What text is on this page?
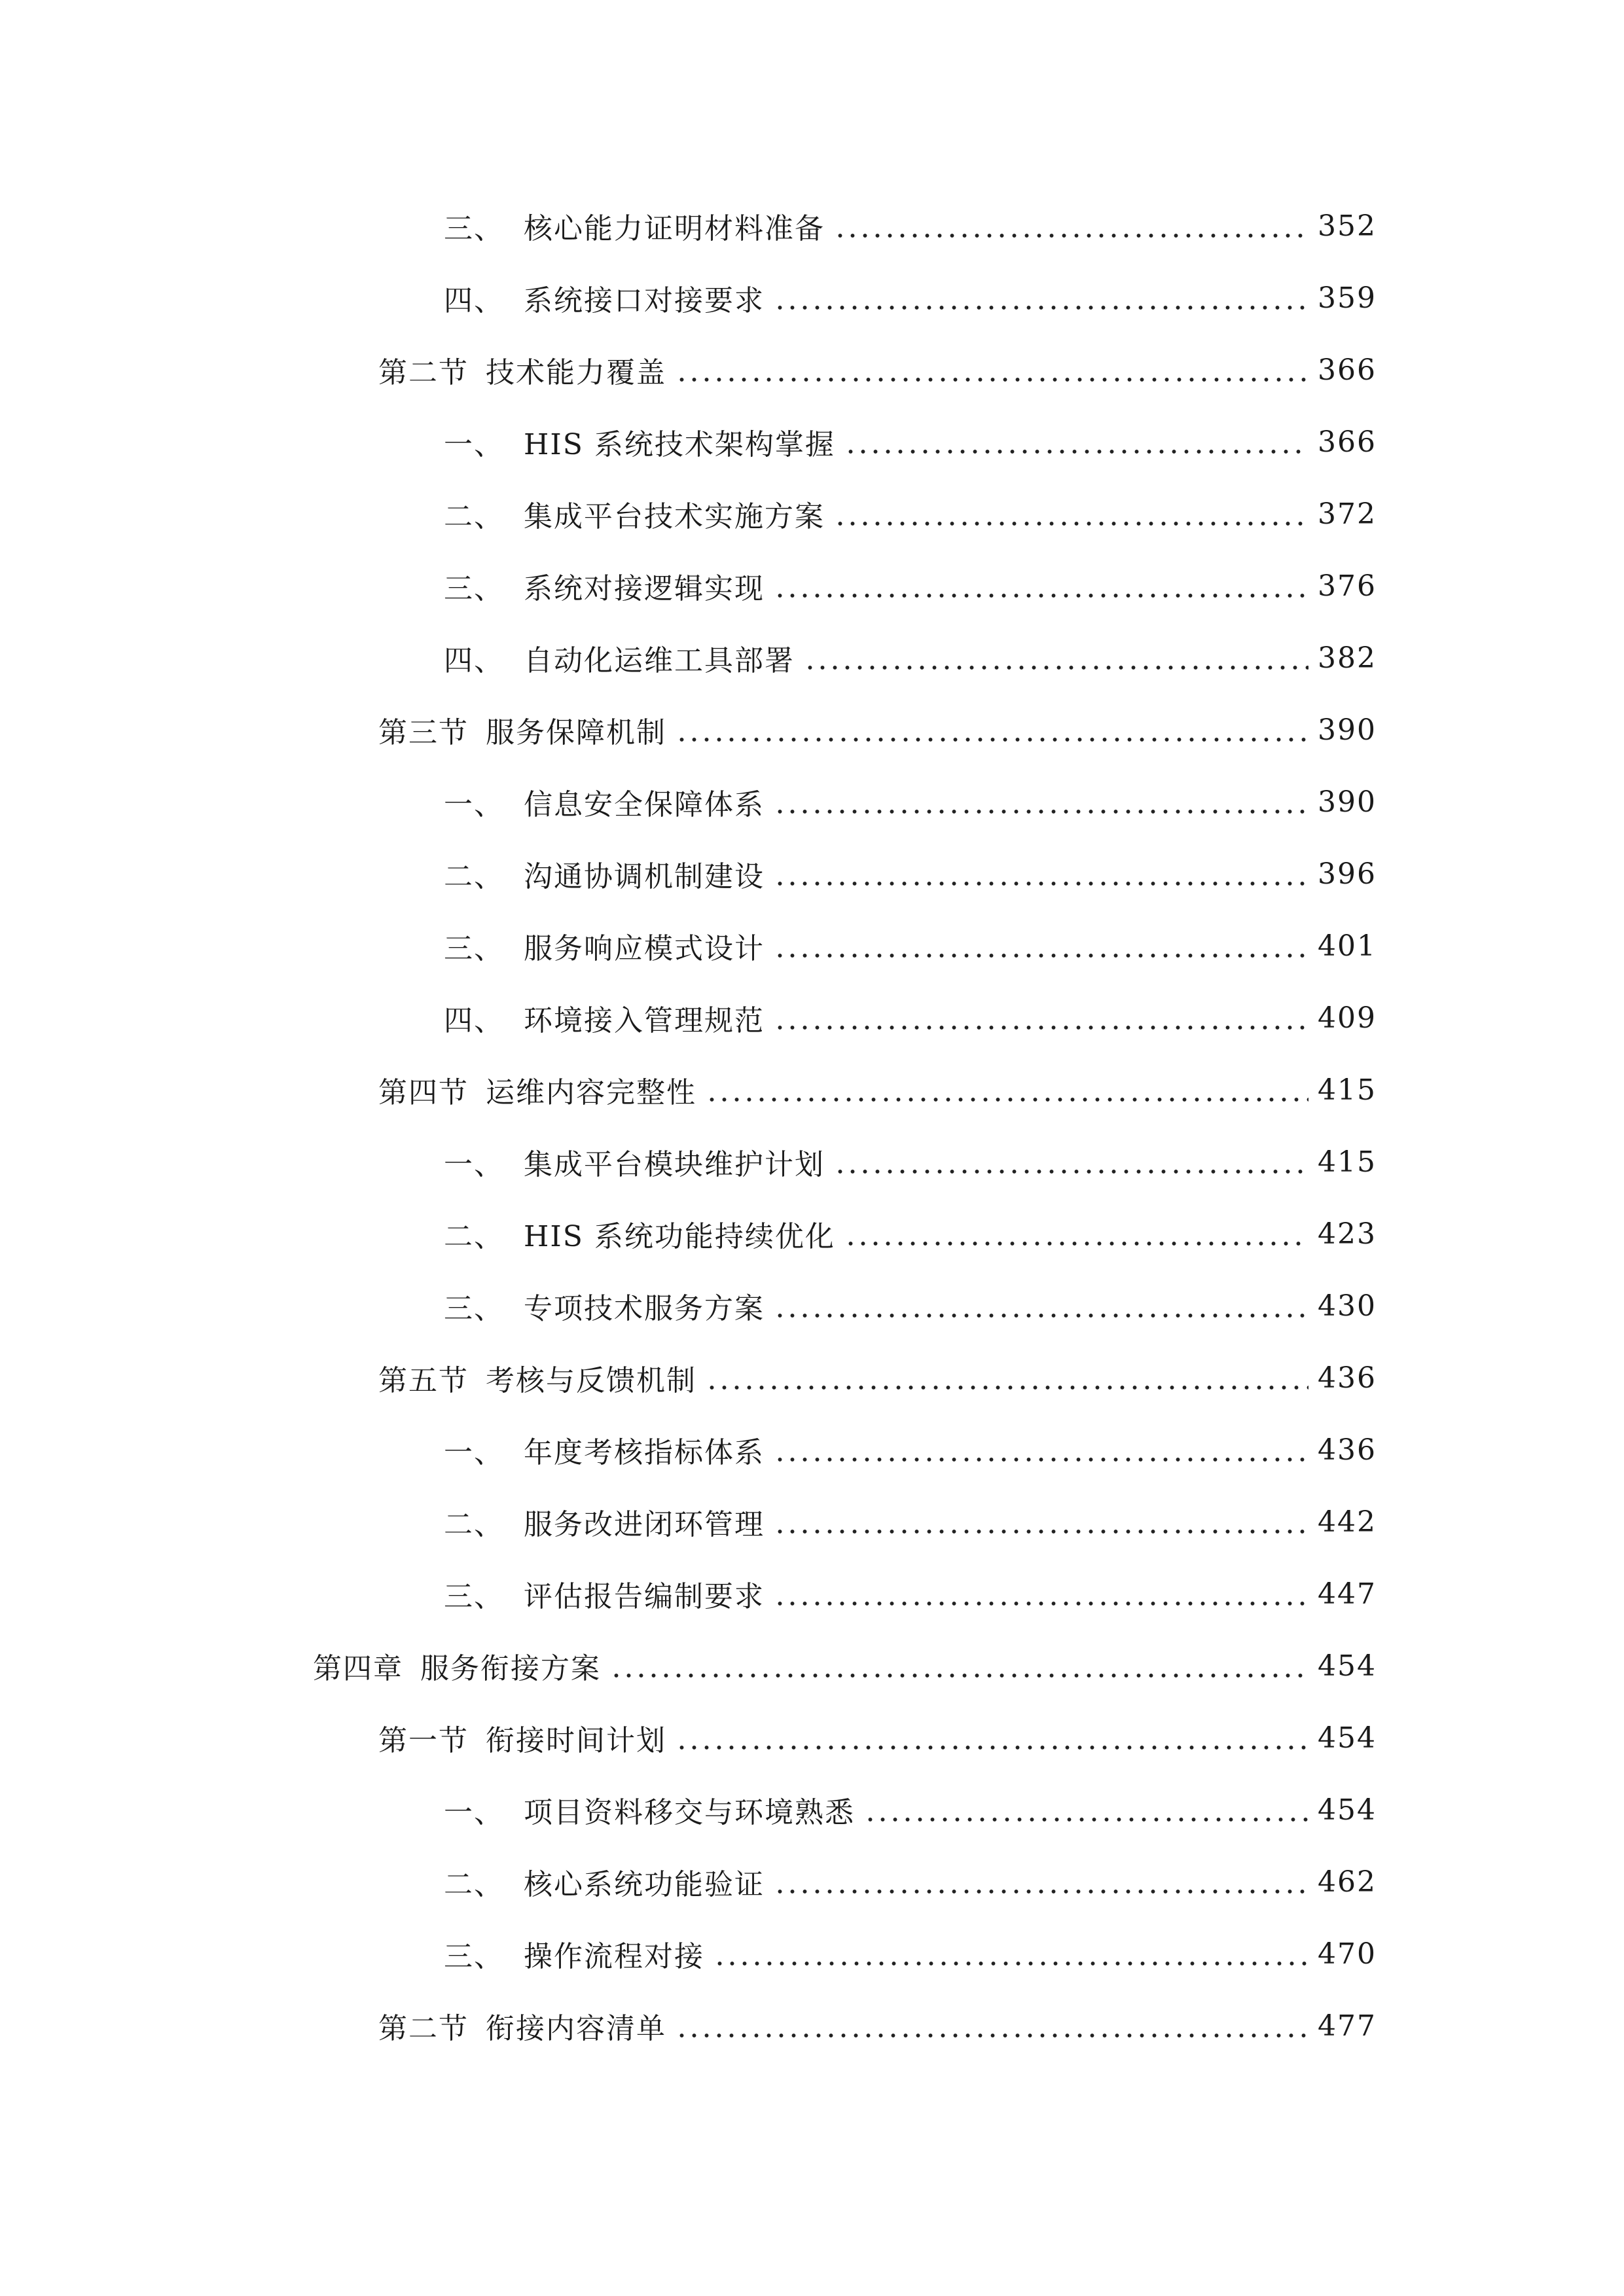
三、 核心能力证明材料准备	352
四、 系统接口对接要求	359
第二节 技术能力覆盖	366
一、 HIS 系统技术架构掌握	366
二、 集成平台技术实施方案	372
三、 系统对接逻辑实现	376
四、 自动化运维工具部署	382
第三节 服务保障机制	390
一、 信息安全保障体系	390
二、 沟通协调机制建设	396
三、 服务响应模式设计	401
四、 环境接入管理规范	409
第四节 运维内容完整性	415
一、 集成平台模块维护计划	415
二、 HIS 系统功能持续优化	423
三、 专项技术服务方案	430
第五节 考核与反馈机制	436
一、 年度考核指标体系	436
二、 服务改进闭环管理	442
三、 评估报告编制要求	447
第四章 服务衔接方案	454
第一节 衔接时间计划	454
一、 项目资料移交与环境熟悉	454
二、 核心系统功能验证	462
三、 操作流程对接	470
第二节 衔接内容清单	477
